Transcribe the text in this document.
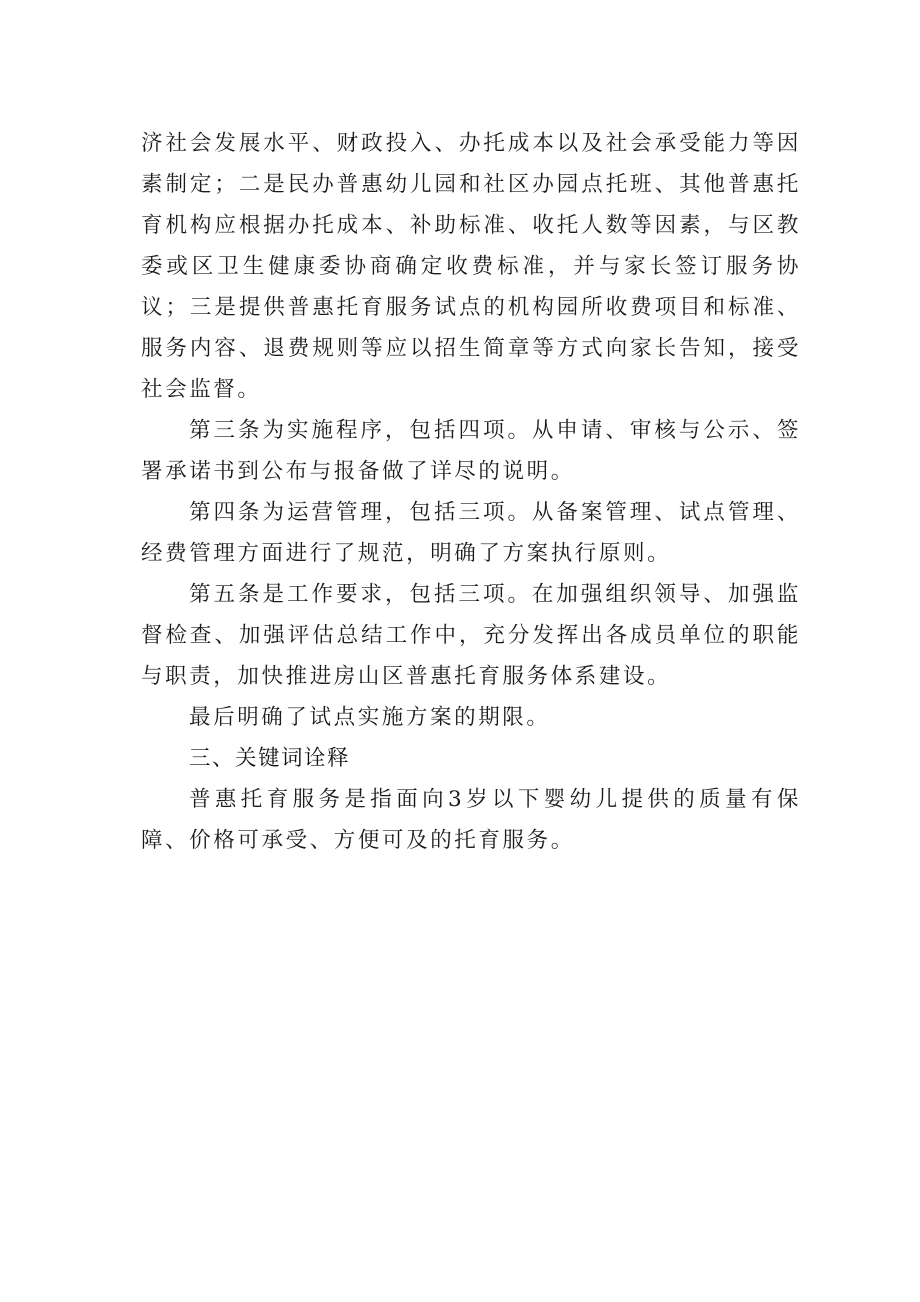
济社会发展水平、财政投入、办托成本以及社会承受能力等因素制定；二是民办普惠幼儿园和社区办园点托班、其他普惠托育机构应根据办托成本、补助标准、收托人数等因素，与区教委或区卫生健康委协商确定收费标准，并与家长签订服务协议；三是提供普惠托育服务试点的机构园所收费项目和标准、服务内容、退费规则等应以招生简章等方式向家长告知，接受社会监督。

第三条为实施程序，包括四项。从申请、审核与公示、签署承诺书到公布与报备做了详尽的说明。

第四条为运营管理，包括三项。从备案管理、试点管理、经费管理方面进行了规范，明确了方案执行原则。

第五条是工作要求，包括三项。在加强组织领导、加强监督检查、加强评估总结工作中，充分发挥出各成员单位的职能与职责，加快推进房山区普惠托育服务体系建设。

最后明确了试点实施方案的期限。

三、关键词诠释

普惠托育服务是指面向3岁以下婴幼儿提供的质量有保障、价格可承受、方便可及的托育服务。
